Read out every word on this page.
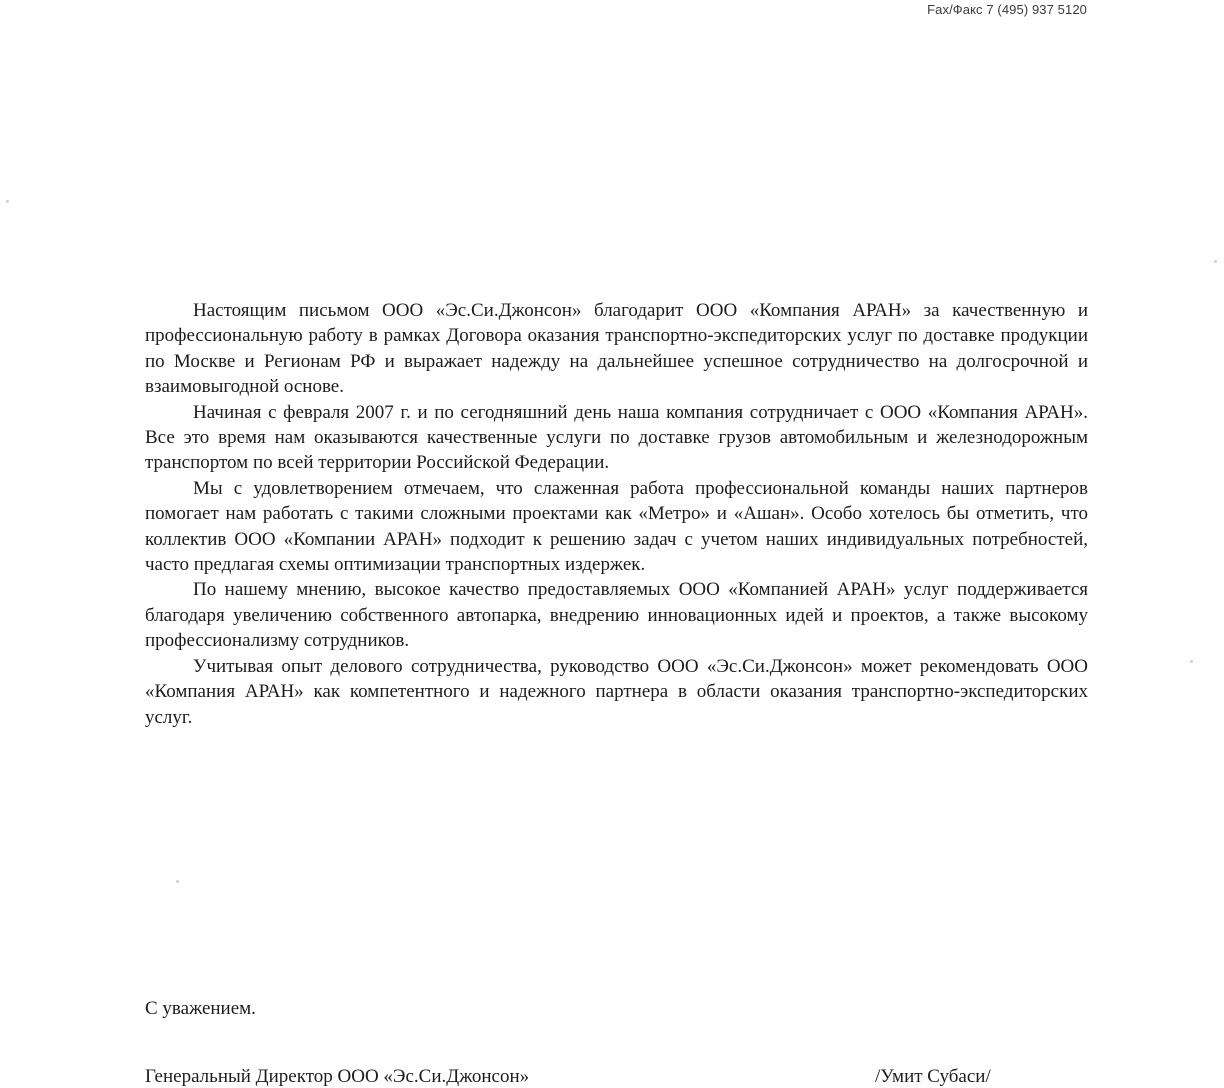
Fax/Факс 7 (495) 937 5120

Настоящим письмом ООО «Эс.Си.Джонсон» благодарит ООО «Компания АРАН» за качественную и профессиональную работу в рамках Договора оказания транспортно-экспедиторских услуг по доставке продукции по Москве и Регионам РФ и выражает надежду на дальнейшее успешное сотрудничество на долгосрочной и взаимовыгодной основе.

Начиная с февраля 2007 г. и по сегодняшний день наша компания сотрудничает с ООО «Компания АРАН». Все это время нам оказываются качественные услуги по доставке грузов автомобильным и железнодорожным транспортом по всей территории Российской Федерации.

Мы с удовлетворением отмечаем, что слаженная работа профессиональной команды наших партнеров помогает нам работать с такими сложными проектами как «Метро» и «Ашан». Особо хотелось бы отметить, что коллектив ООО «Компании АРАН» подходит к решению задач с учетом наших индивидуальных потребностей, часто предлагая схемы оптимизации транспортных издержек.

По нашему мнению, высокое качество предоставляемых ООО «Компанией АРАН» услуг поддерживается благодаря увеличению собственного автопарка, внедрению инновационных идей и проектов, а также высокому профессионализму сотрудников.

Учитывая опыт делового сотрудничества, руководство ООО «Эс.Си.Джонсон» может рекомендовать ООО «Компания АРАН» как компетентного и надежного партнера в области оказания транспортно-экспедиторских услуг.

С уважением.
Генеральный Директор ООО «Эс.Си.Джонсон»	/Умит Субаси/
